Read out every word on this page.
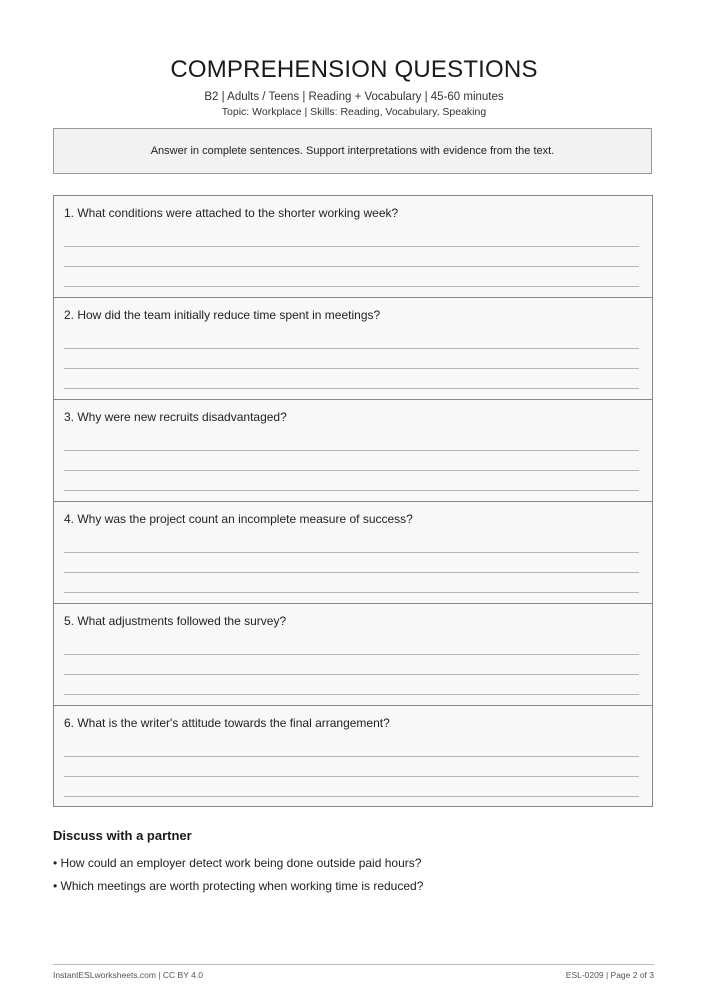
COMPREHENSION QUESTIONS
B2 | Adults / Teens | Reading + Vocabulary | 45-60 minutes
Topic: Workplace | Skills: Reading, Vocabulary, Speaking
Answer in complete sentences. Support interpretations with evidence from the text.
1. What conditions were attached to the shorter working week?
2. How did the team initially reduce time spent in meetings?
3. Why were new recruits disadvantaged?
4. Why was the project count an incomplete measure of success?
5. What adjustments followed the survey?
6. What is the writer's attitude towards the final arrangement?
Discuss with a partner
• How could an employer detect work being done outside paid hours?
• Which meetings are worth protecting when working time is reduced?
InstantESLworksheets.com | CC BY 4.0	ESL-0209 | Page 2 of 3
